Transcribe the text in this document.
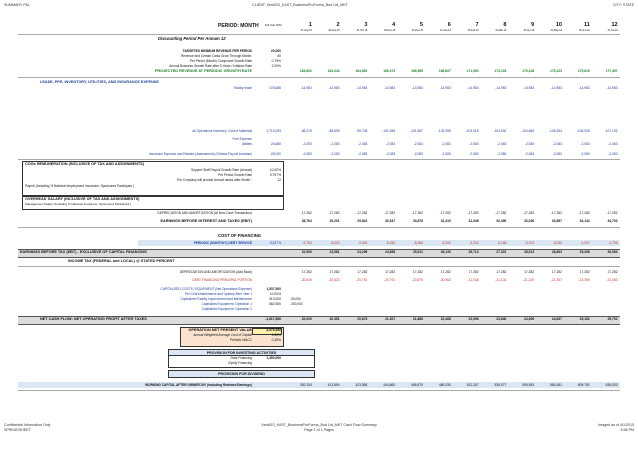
SUMMARY P&L	CLIENT: XeraSIS_KAST_BusinessProForma_Bud Ltd_MKT	CITY: STATE
PERIOD: MONTH Full Year SUM	1	2	3	4	5	6	7	8	9	10	11	12
31-Aug-15	30-Sep-15	31-Oct-15	30-Nov-15	31-Dec-15	31-Jan-16	29-Feb-16	31-Mar-16	30-Apr-16	31-May-16	30-Jun-16	31-Jul-16
Discounting Period Per Annum 12
TARGETED MINIMUM REVENUE PER PERIOD	20,000
Revenue and Certain Costs Grow Through Month:	60
Per Period (Month) Compound Growth Rate	0.79%
Annual Business Growth Rate after 5 Years / Inflation Rate	2.00%
PROJECTED REVENUE AT PERIODIC GROWTH RATE	163,602	164,243	164,852	166,473	166,565	168,807	171,053	173,193	175,128	175,123	175,619	177,457
LEASE, PPE, INVENTORY, UTILITIES, AND INSURANCE EXPENSE
Facility lease	178,686	-14,983	-14,983	-14,983	-14,983	-14,983	-14,983	-14,983	-14,983	-14,983	-14,983	-14,983	-14,983
All Operations Inventory: Cost of Materials	1,715,093	-98,219	-98,899	-99,708	-101,085	-101,567	-102,395	-103,015	-103,632	-104,669	-105,284	-105,928	-107,192
Fuel Expense
Utilities	25,680	-2,083	-2,083	-2,083	-2,083	-2,083	-2,083	-2,083	-2,083	-2,083	-2,083	-2,083	-2,083
Insurance Expense and Related (Assessment) (Follows Payroll increase)	25,000	-2,083	-2,083	-2,083	-2,083	-2,083	-2,083	-2,083	-2,083	-2,083	-2,083	-2,083	-2,083
COGs REMUNERATION (INCLUSIVE OF TAX AND ASSIGNMENTS)
Support Staff Payroll Growth Rate (Annual)	10.00%
Per Period Growth Rate	0.797%
The Company will provide Annual raises after Month :	12
Payroll (Including % National employment Insurance, Sponsored Participant )
OVERHEAD SALARY (INCLUSIVE OF TAX AND ASSIGNMENTS)
Management Salary (Including % National Insurance, Sponsored Participant )
DEPRECIATION AND AMORTIZATION (At New Cash Transaction)	-17,282	-17,282	-17,282	-17,282	-17,282	-17,282	-17,282	-17,282	-17,282	-17,282	-17,282	-17,282
EARNINGS BEFORE INTEREST AND TAXES (EBIT)	28,764	29,201	29,822	30,347	30,876	31,410	31,948	32,490	33,036	33,587	34,142	34,702
COST OF FINANCING
PERIODIC (MONTHLY) DEBT SERVICE	5,437%	-5,764	-5,620	-5,525	-5,450	-5,366	-5,300	-5,234	-5,168	-5,103	-5,036	-4,947	-4,798
EARNINGS BEFORE TAX (EBT) - EXCLUSIVE OF CAPITAL FINANCING	22,990	23,581	24,296	24,896	25,511	26,130	26,714	27,322	28,013	28,663	29,296	29,983
INCOME TAX (FEDERAL and LOCAL) @ STATED PERCENT
DEPRECIATION AND AMORTIZATION (Add Back)	17,282	17,282	17,282	17,282	17,282	17,282	17,282	17,282	17,282	17,282	17,282	17,282
DEBT FINANCING PRINCIPAL PORTION	-20,630	-20,823	-20,791	-20,791	-20,876	-20,963	-21,048	-21,133	-21,220	-21,307	-21,395	-21,483
CAPITALIZED COSTS / EQUIPMENT (Net Operations Expense)	1,537,500
Per Cent Maintenance and Upkeep After Year 1	10.00%
Capitalized Facility Improvement and Maintenance	313,000	-30,000
Capitalized Equipment: Operation 1	682,500	-300,000
Capitalized Equipment: Operation 2
NET CASH FLOW: NET OPERATING PROFIT AFTER TAXES	-1,817,666	20,000	20,351	20,673	21,307	21,886	22,468	22,098	23,640	24,006	24,637	25,152	25,752
OPERATION NET PRESENT VALUE	4,576,480
Annual Weighted Average Cost of Capital	5.50%
Periodic WACC	0.45%
PROVISION FOR INVESTING ACTIVITIES
Debt Financing	1,450,000
Equity Financing
PROVISION FOR DIVIDEND
WORKING CAPITAL AFTER OWNER DIV (Including Retained Earnings)	392,334	412,694	423,556	444,860	466,879	489,330	512,307	535,977	559,953	584,481	609,752	635,533
Confidential Information Only
SPREADSHEET
XeraSIS_KAST_BusinessProForma_Bud Ltd_MKT Cash Flow Summary
Page 1 of 1 Pages
Imaged as of 4/1/2015
6:58 PM
